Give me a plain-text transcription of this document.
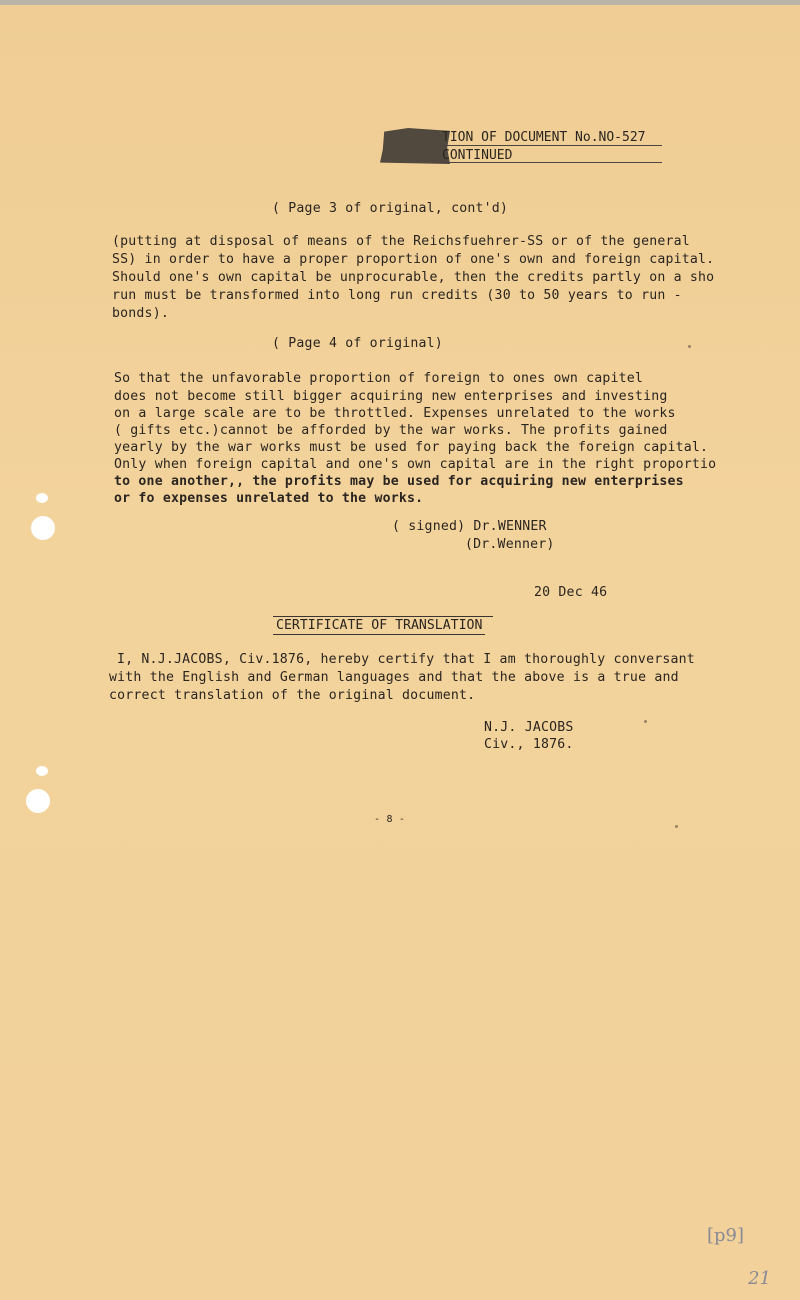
TION OF DOCUMENT No.NO-527
CONTINUED
( Page 3 of original, cont'd)
(putting at disposal of means of the Reichsfuehrer-SS or of the general
SS) in order to have a proper proportion of one's own and foreign capital.
Should one's own capital be unprocurable, then the credits partly on a sho
run must be transformed into long run credits (30 to 50 years to run -
bonds).
( Page 4 of original)
So that the unfavorable proportion of foreign to ones own capitel
does not become still bigger acquiring new enterprises and investing
on a large scale are to be throttled. Expenses unrelated to the works
( gifts etc.)cannot be afforded by the war works. The profits gained
yearly by the war works must be used for paying back the foreign capital.
Only when foreign capital and one's own capital are in the right proportio
to one another,, the profits may be used for acquiring new enterprises
or fo expenses unrelated to the works.
( signed) Dr.WENNER
(Dr.Wenner)
20 Dec 46
CERTIFICATE OF TRANSLATION
I, N.J.JACOBS, Civ.1876, hereby certify that I am thoroughly conversant
with the English and German languages and that the above is a true and
correct translation of the original document.
N.J. JACOBS
Civ., 1876.
- 8 -
[p9]
21
